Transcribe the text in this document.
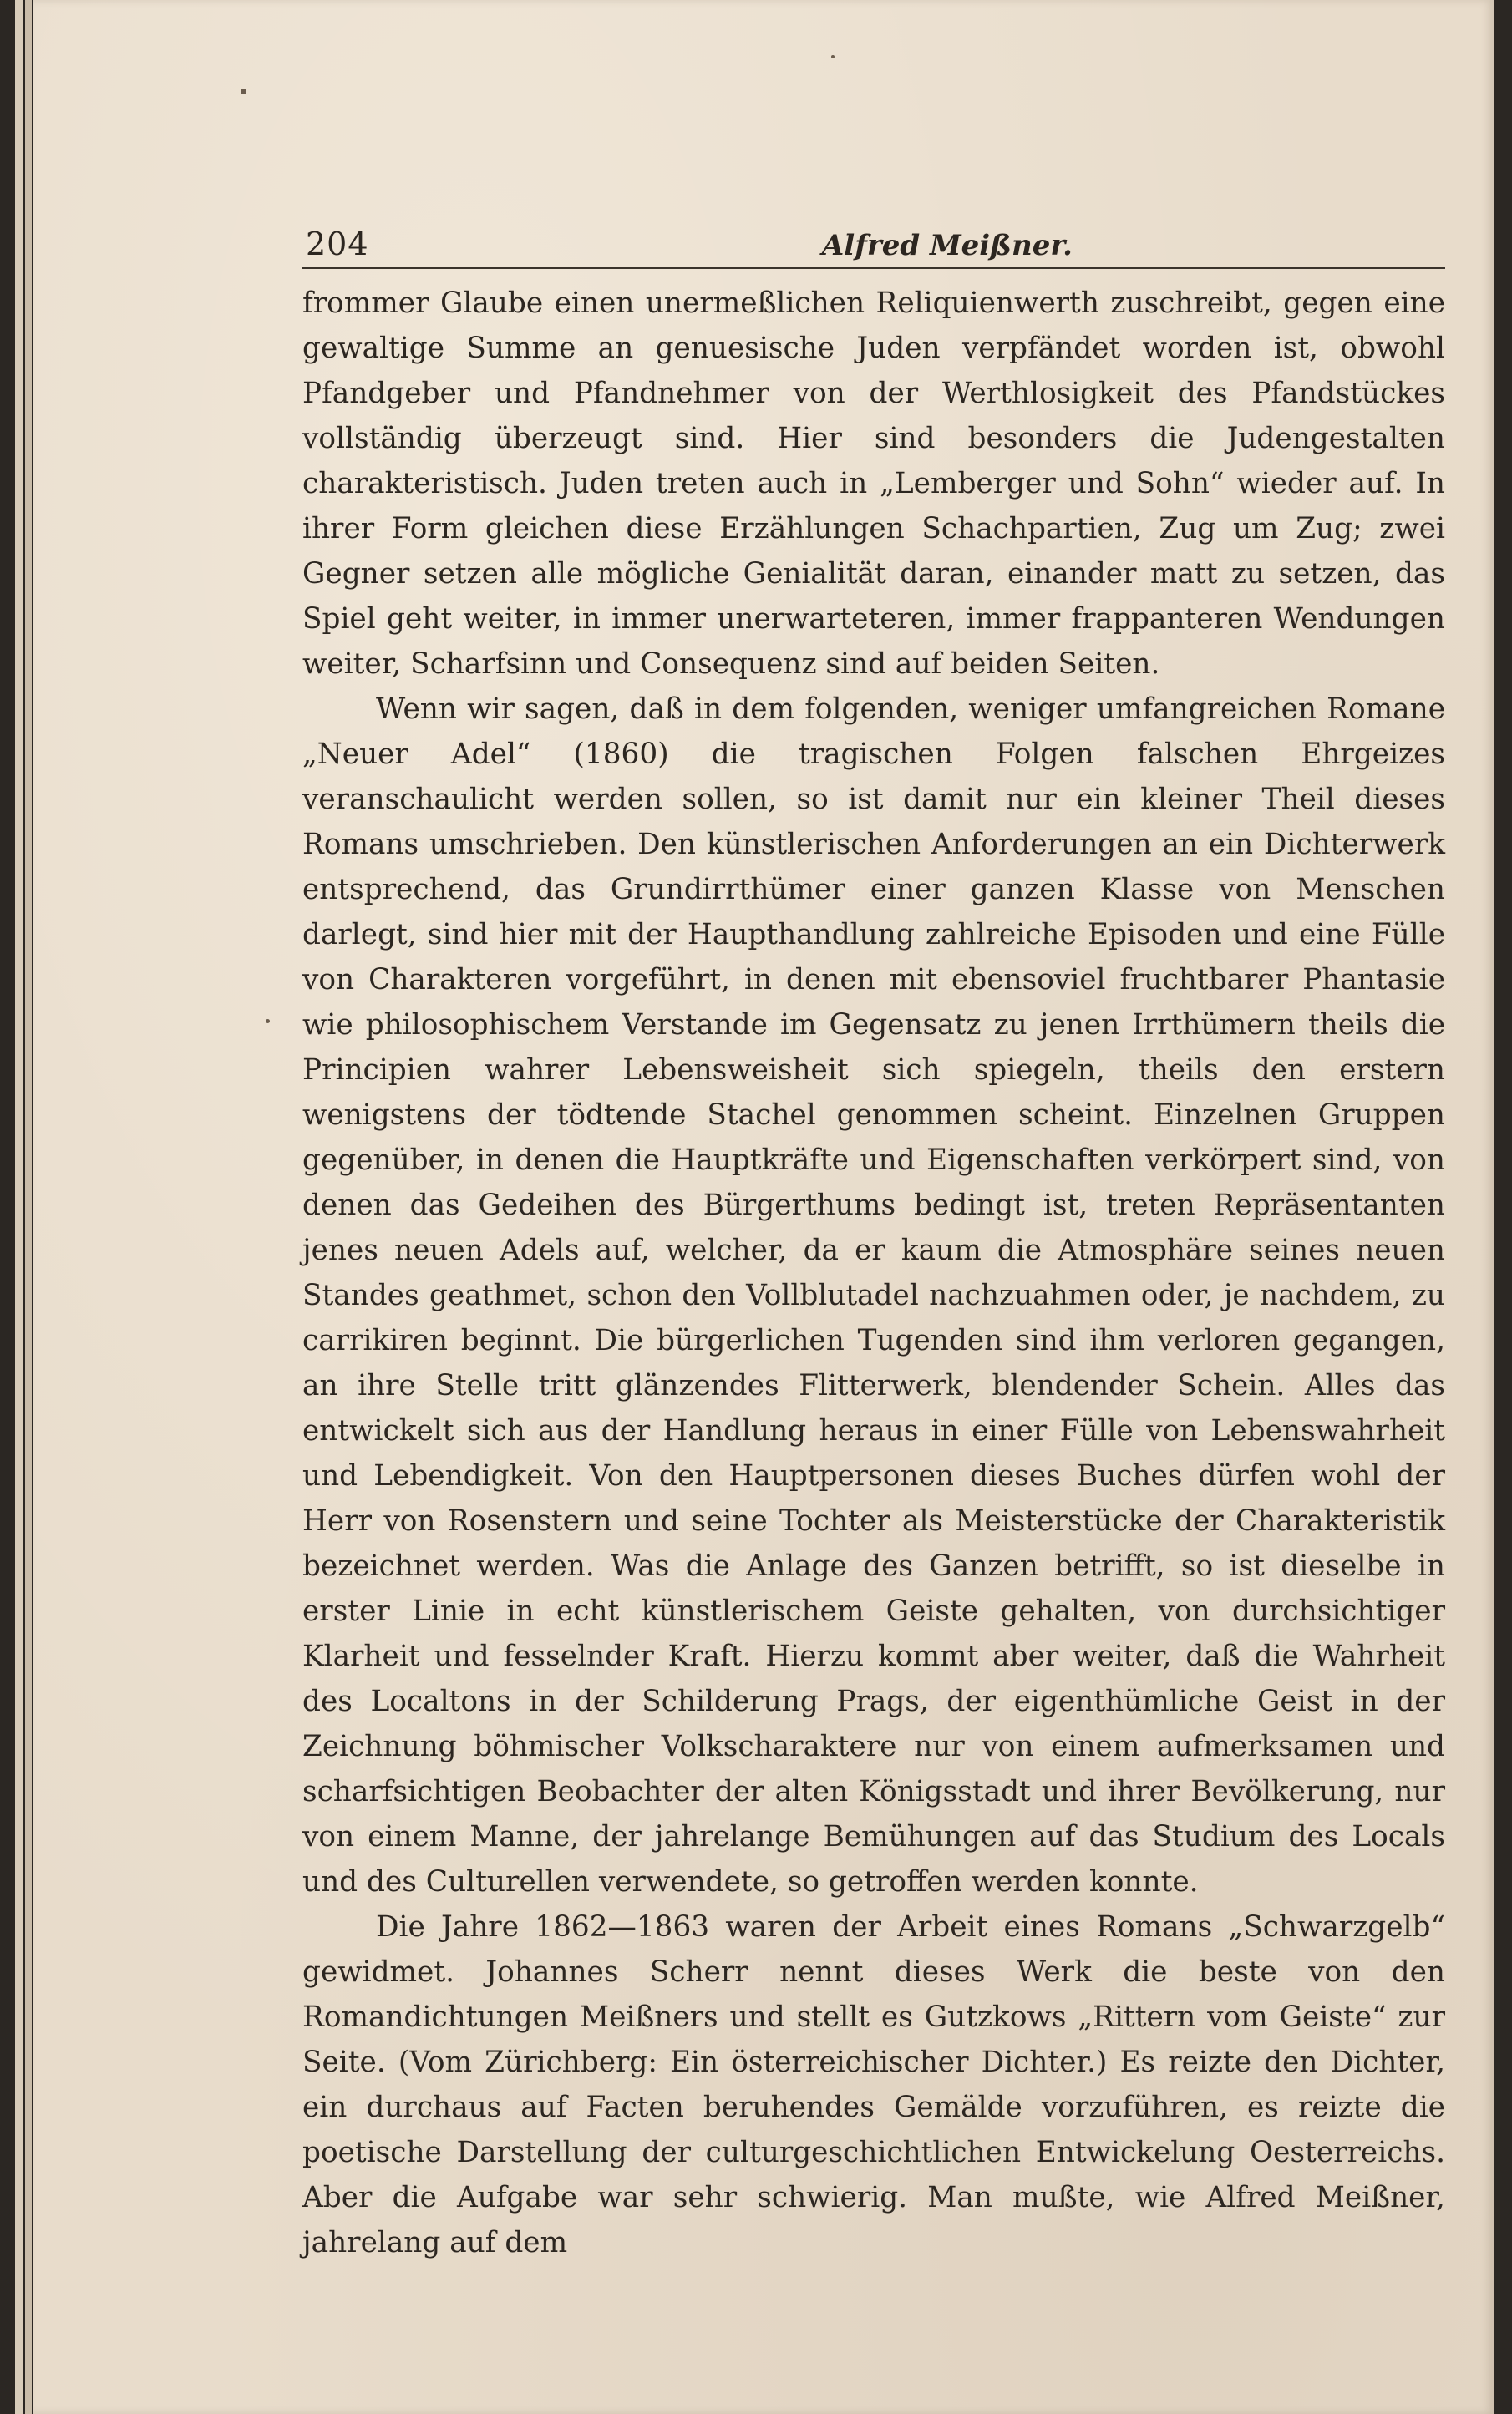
204	Alfred Meißner.

frommer Glaube einen unermeßlichen Reliquienwerth zuschreibt, gegen eine gewaltige Summe an genuesische Juden verpfändet worden ist, obwohl Pfandgeber und Pfandnehmer von der Werthlosigkeit des Pfandstückes vollständig überzeugt sind. Hier sind besonders die Judengestalten charakteristisch. Juden treten auch in „Lemberger und Sohn“ wieder auf. In ihrer Form gleichen diese Erzählungen Schachpartien, Zug um Zug; zwei Gegner setzen alle mögliche Genialität daran, einander matt zu setzen, das Spiel geht weiter, in immer unerwarteteren, immer frappanteren Wendungen weiter, Scharfsinn und Consequenz sind auf beiden Seiten.

Wenn wir sagen, daß in dem folgenden, weniger umfangreichen Romane „Neuer Adel“ (1860) die tragischen Folgen falschen Ehrgeizes veranschaulicht werden sollen, so ist damit nur ein kleiner Theil dieses Romans umschrieben. Den künstlerischen Anforderungen an ein Dichterwerk entsprechend, das Grundirrthümer einer ganzen Klasse von Menschen darlegt, sind hier mit der Haupthandlung zahlreiche Episoden und eine Fülle von Charakteren vorgeführt, in denen mit ebensoviel fruchtbarer Phantasie wie philosophischem Verstande im Gegensatz zu jenen Irrthümern theils die Principien wahrer Lebensweisheit sich spiegeln, theils den erstern wenigstens der tödtende Stachel genommen scheint. Einzelnen Gruppen gegenüber, in denen die Hauptkräfte und Eigenschaften verkörpert sind, von denen das Gedeihen des Bürgerthums bedingt ist, treten Repräsentanten jenes neuen Adels auf, welcher, da er kaum die Atmosphäre seines neuen Standes geathmet, schon den Vollblutadel nachzuahmen oder, je nachdem, zu carrikiren beginnt. Die bürgerlichen Tugenden sind ihm verloren gegangen, an ihre Stelle tritt glänzendes Flitterwerk, blendender Schein. Alles das entwickelt sich aus der Handlung heraus in einer Fülle von Lebenswahrheit und Lebendigkeit. Von den Hauptpersonen dieses Buches dürfen wohl der Herr von Rosenstern und seine Tochter als Meisterstücke der Charakteristik bezeichnet werden. Was die Anlage des Ganzen betrifft, so ist dieselbe in erster Linie in echt künstlerischem Geiste gehalten, von durchsichtiger Klarheit und fesselnder Kraft. Hierzu kommt aber weiter, daß die Wahrheit des Localtons in der Schilderung Prags, der eigenthümliche Geist in der Zeichnung böhmischer Volkscharaktere nur von einem aufmerksamen und scharfsichtigen Beobachter der alten Königsstadt und ihrer Bevölkerung, nur von einem Manne, der jahrelange Bemühungen auf das Studium des Locals und des Culturellen verwendete, so getroffen werden konnte.

Die Jahre 1862—1863 waren der Arbeit eines Romans „Schwarzgelb“ gewidmet. Johannes Scherr nennt dieses Werk die beste von den Romandichtungen Meißners und stellt es Gutzkows „Rittern vom Geiste“ zur Seite. (Vom Zürichberg: Ein österreichischer Dichter.) Es reizte den Dichter, ein durchaus auf Facten beruhendes Gemälde vorzuführen, es reizte die poetische Darstellung der culturgeschichtlichen Entwickelung Oesterreichs. Aber die Aufgabe war sehr schwierig. Man mußte, wie Alfred Meißner, jahrelang auf dem
